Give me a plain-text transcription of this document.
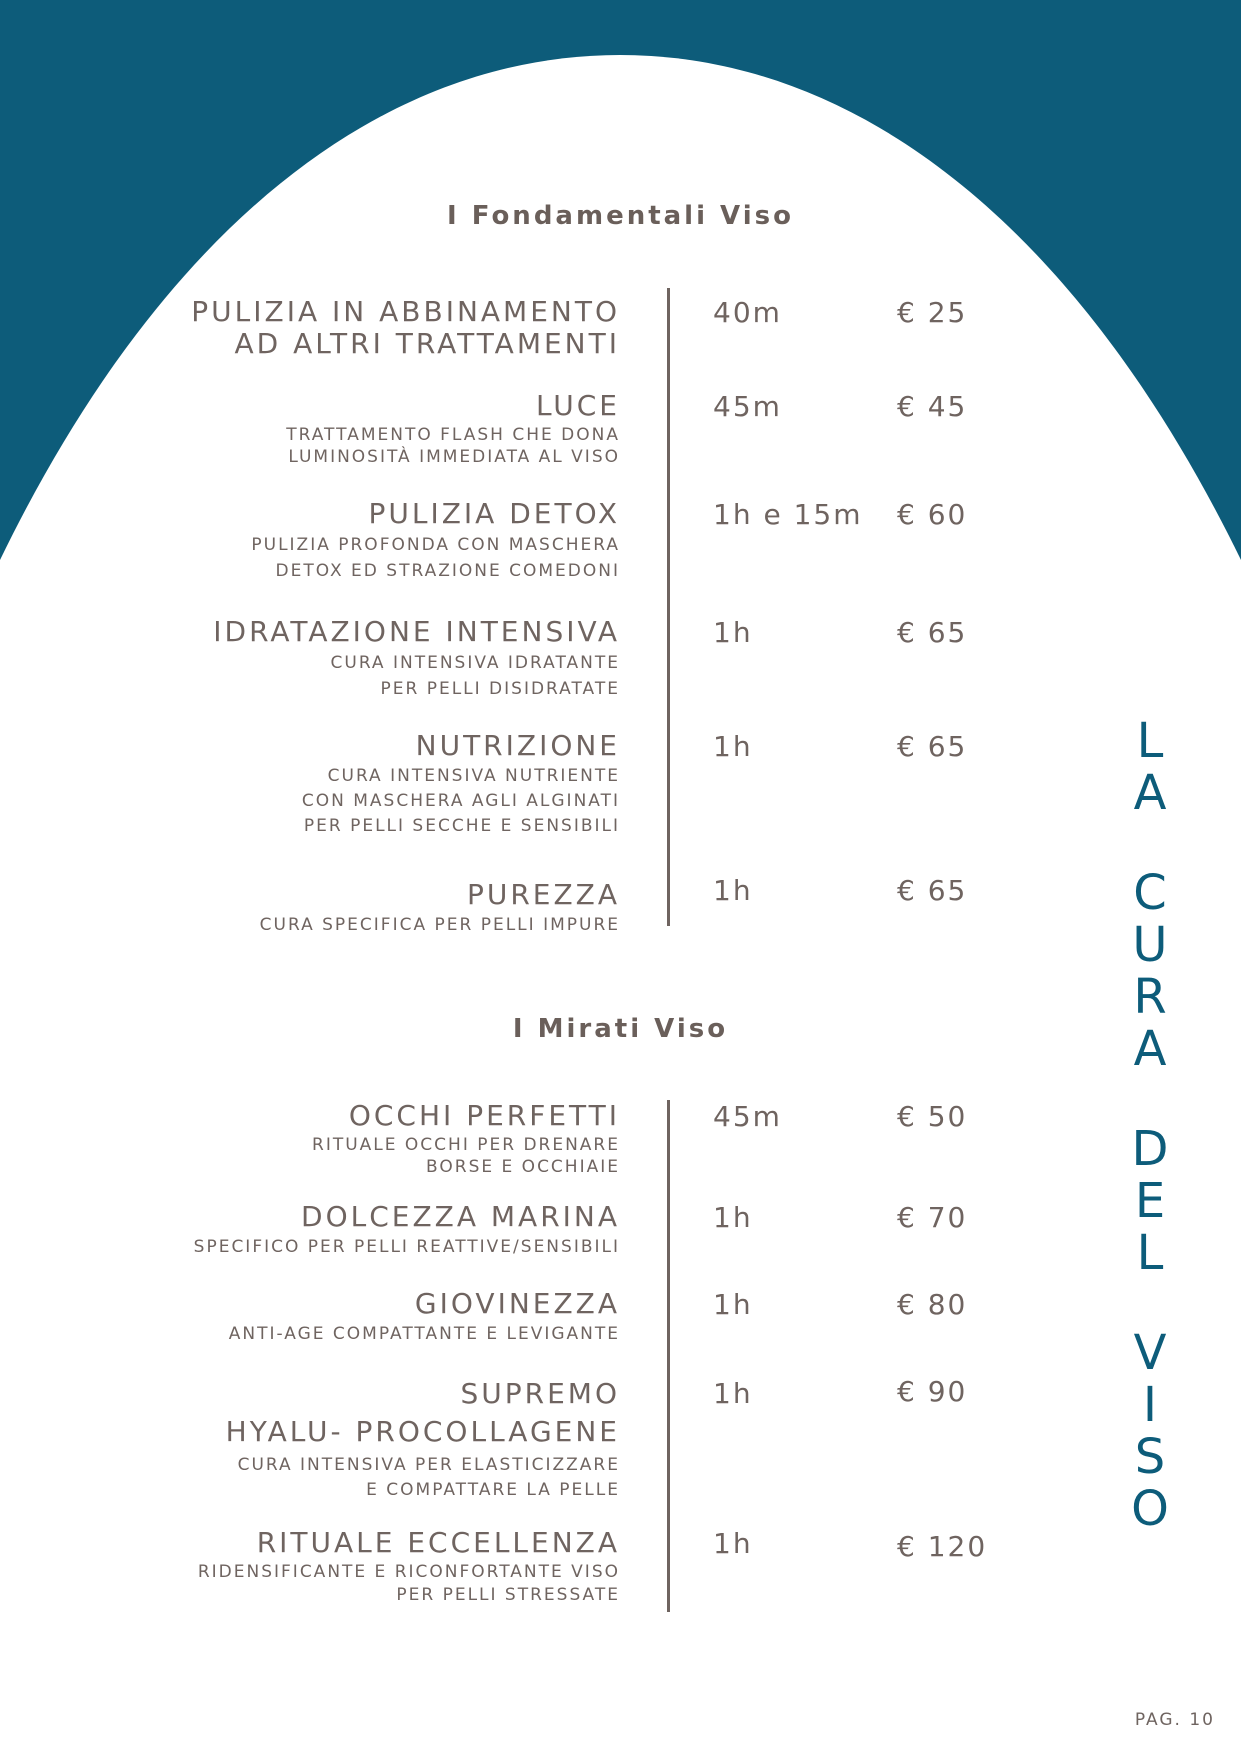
I Fondamentali Viso
PULIZIA IN ABBINAMENTO
AD ALTRI TRATTAMENTI
40m	€ 25
LUCE
TRATTAMENTO FLASH CHE DONA
LUMINOSITÀ IMMEDIATA AL VISO
45m	€ 45
PULIZIA DETOX
PULIZIA PROFONDA CON MASCHERA
DETOX ED STRAZIONE COMEDONI
1h e 15m € 60
IDRATAZIONE INTENSIVA
CURA INTENSIVA IDRATANTE
PER PELLI DISIDRATATE
1h	€ 65
NUTRIZIONE
CURA INTENSIVA NUTRIENTE
CON MASCHERA AGLI ALGINATI
PER PELLI SECCHE E SENSIBILI
1h	€ 65
PUREZZA
CURA SPECIFICA PER PELLI IMPURE
1h	€ 65
I Mirati Viso
OCCHI PERFETTI
RITUALE OCCHI PER DRENARE
BORSE E OCCHIAIE
45m	€ 50
DOLCEZZA MARINA
SPECIFICO PER PELLI REATTIVE/SENSIBILI
1h	€ 70
GIOVINEZZA
ANTI-AGE COMPATTANTE E LEVIGANTE
1h	€ 80
SUPREMO
HYALU- PROCOLLAGENE
CURA INTENSIVA PER ELASTICIZZARE
E COMPATTARE LA PELLE
1h	€ 90
RITUALE ECCELLENZA
RIDENSIFICANTE E RICONFORTANTE VISO
PER PELLI STRESSATE
1h	€ 120
L
A
C
U
R
A
D
E
L
V
I
S
O
PAG. 10
